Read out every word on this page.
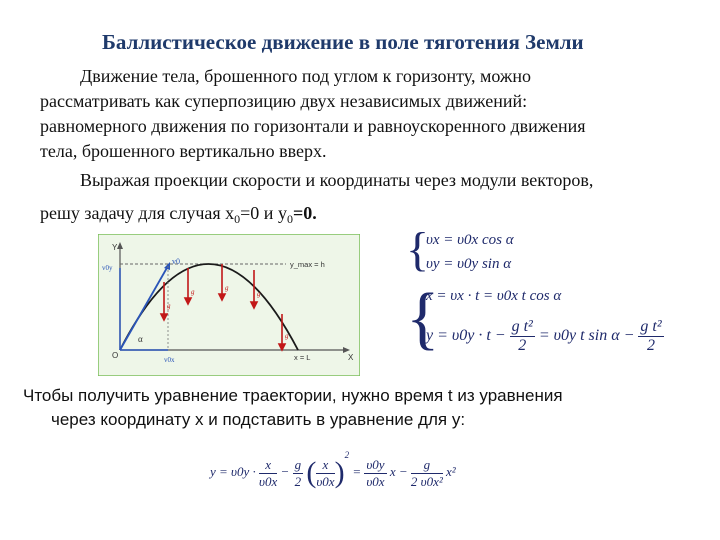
Баллистическое движение в поле тяготения Земли
Движение тела, брошенного под углом к горизонту, можно
рассматривать как суперпозицию двух независимых движений:
равномерного движения по горизонтали и равноускоренного движения
тела, брошенного вертикально вверх.
Выражая проекции скорости и координаты через модули векторов,
решу задачу для случая $x_0=0$ и $y_0=0$.
Y
X
O
y_max = h
x = L
v0
v0y
v0x
α
g
g	g
g
g
{
υx = υ0x cos α
υy = υ0y sin α
{
x = υx · t = υ0x t cos α
$y = \upsilon 0y \cdot t - \frac{\text{g t²}}{2} = \upsilon 0y$ t $\sin \alpha - \frac{\text{g t²}}{2}$
Чтобы получить уравнение траектории, нужно время t из уравнения
через координату x и подставить в уравнение для y:
$y = \upsilon 0y \cdot \frac{x}{\upsilon 0x} - \frac{g}{2}$ ( $\frac{x}{\upsilon 0x} )^2 = \frac{\upsilon 0y}{\upsilon 0x}$ $x - \frac{g}{\text{2 υ0x²}} x^2$
